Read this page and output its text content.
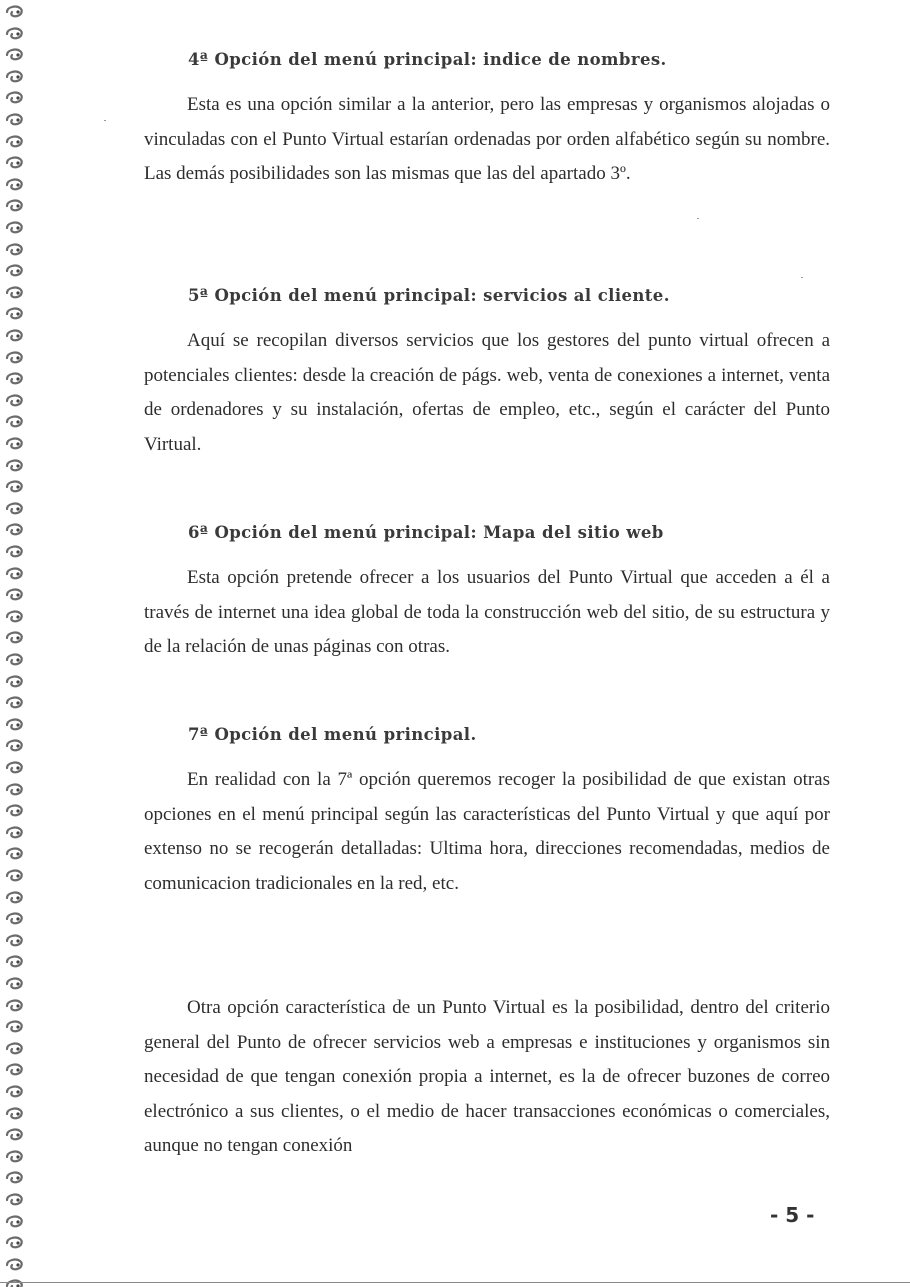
4ª Opción del menú principal: indice de nombres.

Esta es una opción similar a la anterior, pero las empresas y organismos alojadas o vinculadas con el Punto Virtual estarían ordenadas por orden alfabético según su nombre. Las demás posibilidades son las mismas que las del apartado 3º.

5ª Opción del menú principal: servicios al cliente.

Aquí se recopilan diversos servicios que los gestores del punto virtual ofrecen a potenciales clientes: desde la creación de págs. web, venta de conexiones a internet, venta de ordenadores y su instalación, ofertas de empleo, etc., según el carácter del Punto Virtual.

6ª Opción del menú principal: Mapa del sitio web

Esta opción pretende ofrecer a los usuarios del Punto Virtual que acceden a él a través de internet una idea global de toda la construcción web del sitio, de su estructura y de la relación de unas páginas con otras.

7ª Opción del menú principal.

En realidad con la 7ª opción queremos recoger la posibilidad de que existan otras opciones en el menú principal según las características del Punto Virtual y que aquí por extenso no se recogerán detalladas: Ultima hora, direcciones recomendadas, medios de comunicacion tradicionales en la red, etc.

Otra opción característica de un Punto Virtual es la posibilidad, dentro del criterio general del Punto de ofrecer servicios web a empresas e instituciones y organismos sin necesidad de que tengan conexión propia a internet, es la de ofrecer buzones de correo electrónico a sus clientes, o el medio de hacer transacciones económicas o comerciales, aunque no tengan conexión

- 5 -
